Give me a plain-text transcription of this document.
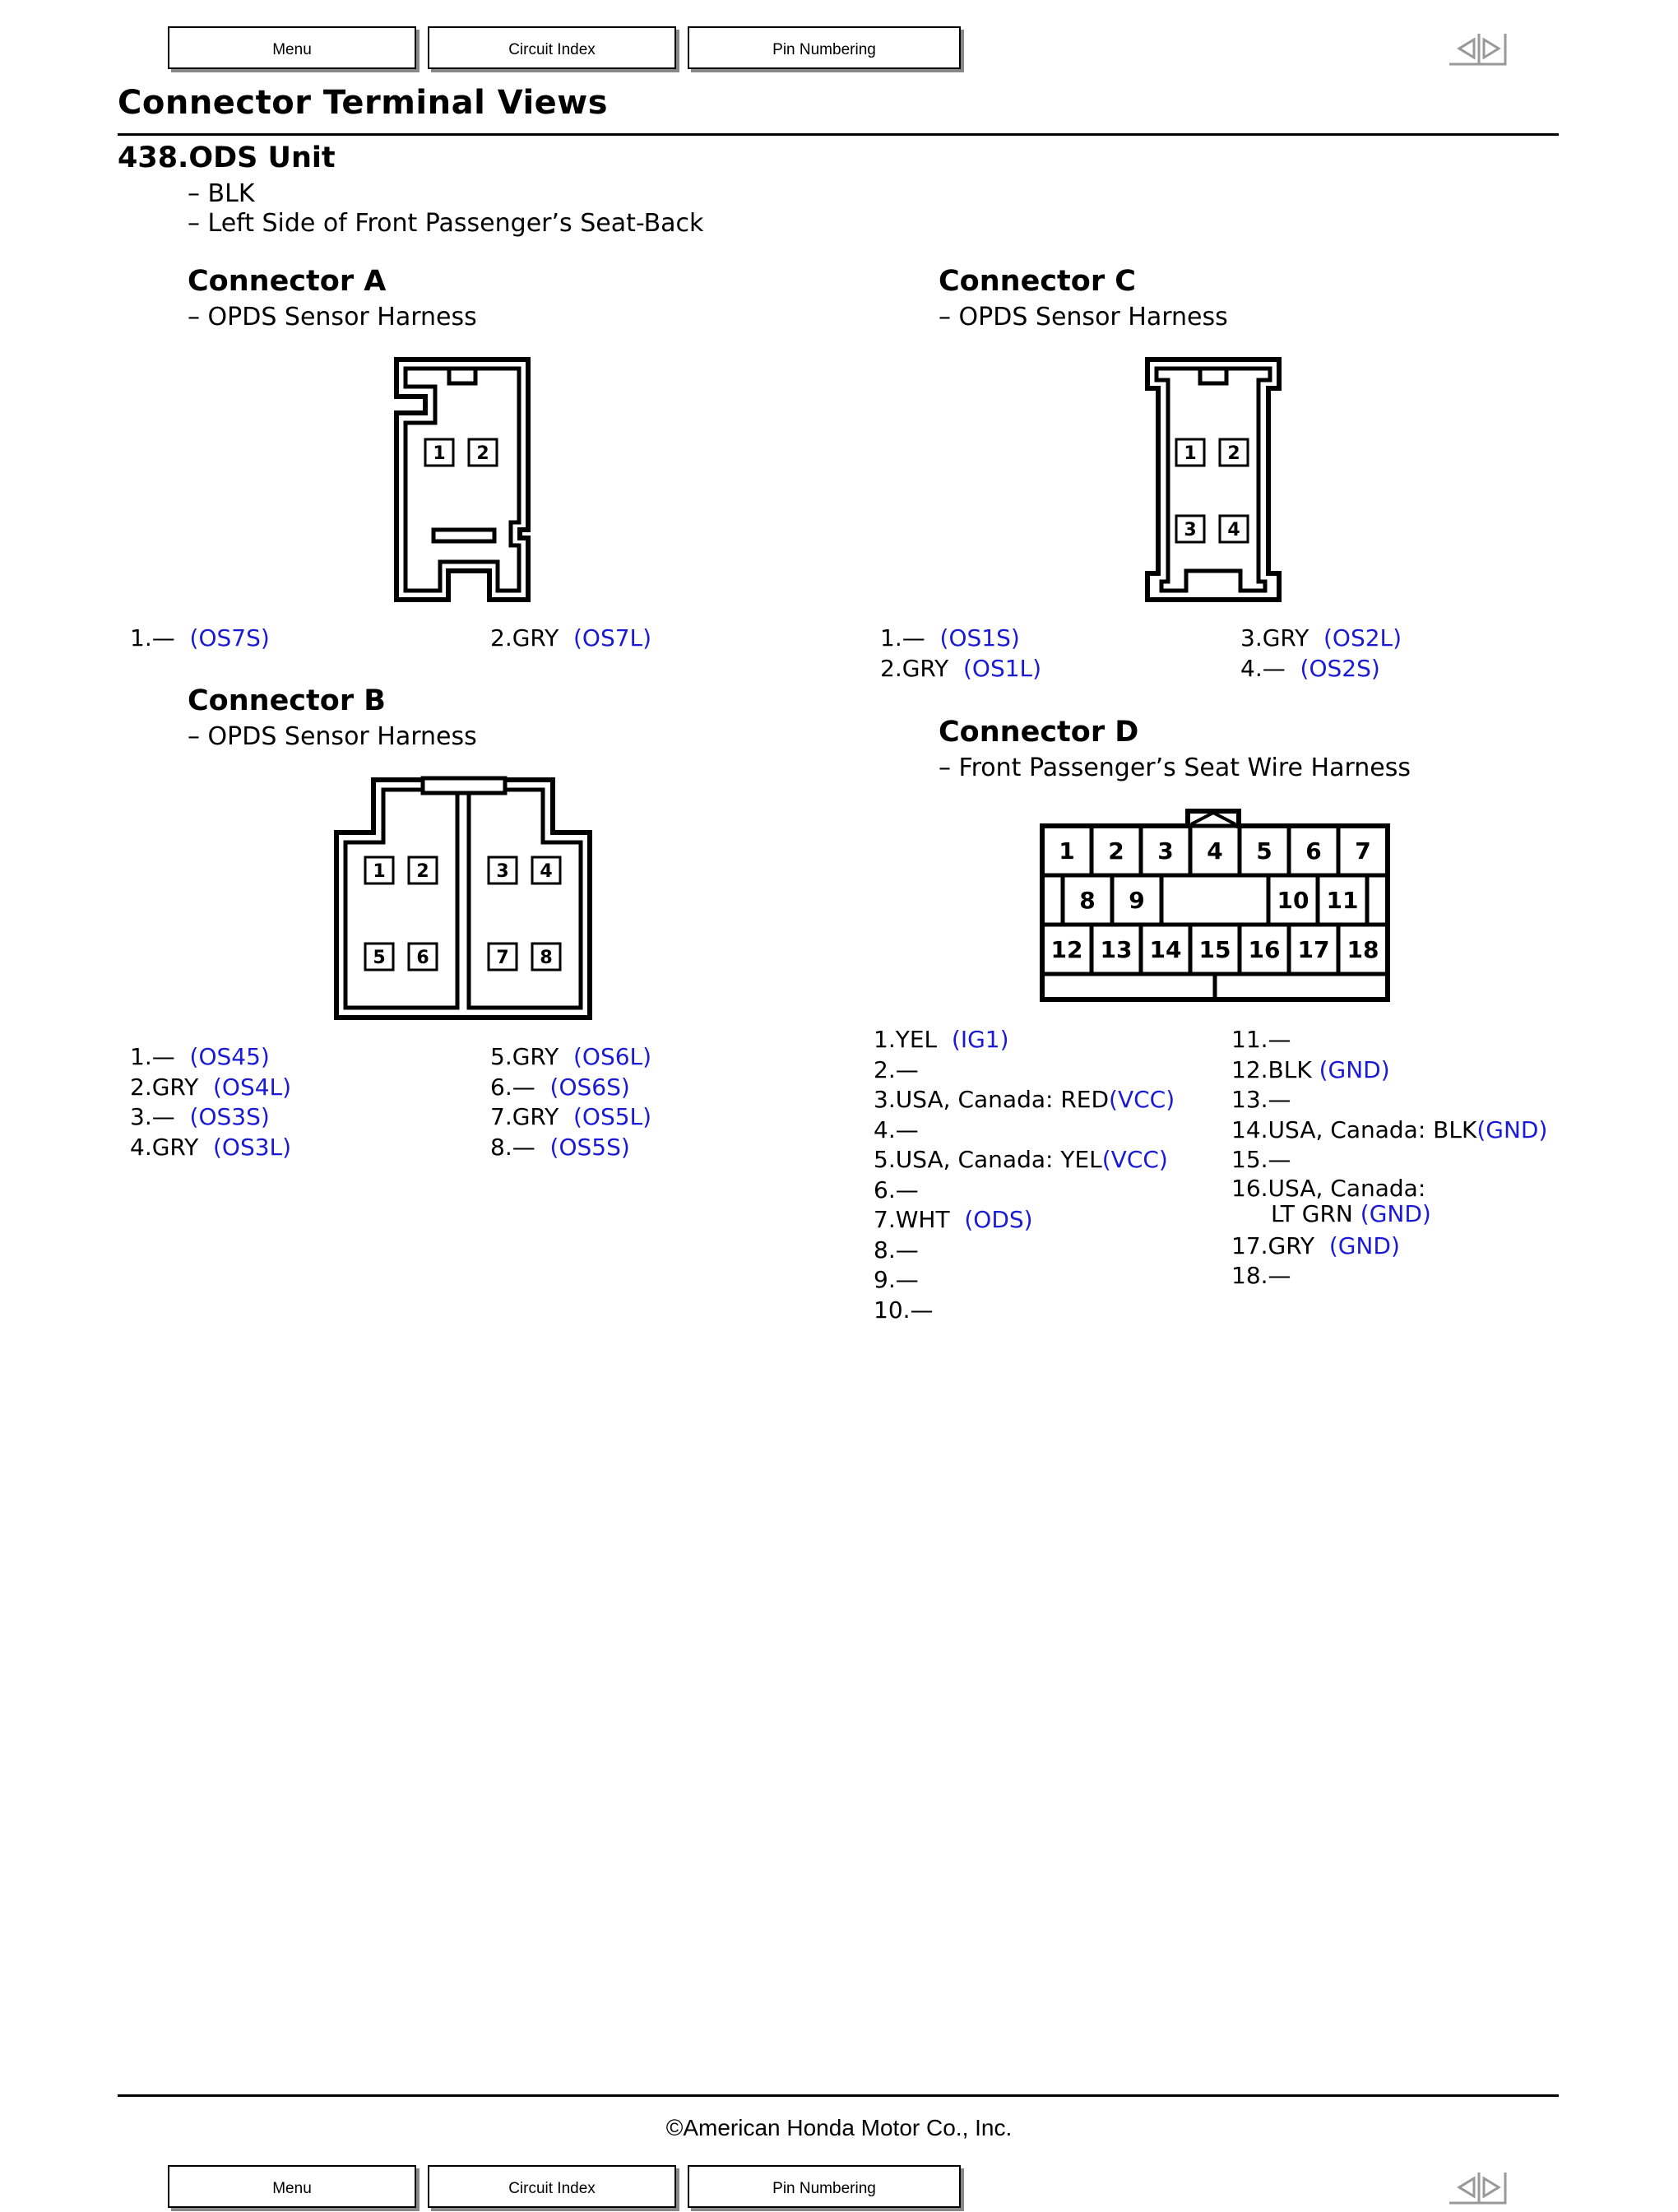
Menu	Circuit Index	Pin Numbering
Connector Terminal Views
438.ODS Unit
– BLK
– Left Side of Front Passenger’s Seat-Back
Connector A
– OPDS Sensor Harness
1 2
1.— (OS7S)	2.GRY (OS7L)
Connector B
– OPDS Sensor Harness
1 2	3 4
5 6	7 8
1.— (OS45)
2.GRY (OS4L)
3.— (OS3S)
4.GRY (OS3L)
5.GRY (OS6L)
6.— (OS6S)
7.GRY (OS5L)
8.— (OS5S)
Connector C
– OPDS Sensor Harness
1 2
3 4
1.— (OS1S)
2.GRY (OS1L)
3.GRY (OS2L)
4.— (OS2S)
Connector D
– Front Passenger’s Seat Wire Harness
1 2 3 4 5 6 7
8 9	10 11
12 13 14 15 16 17 18
1.YEL (IG1)
2.—
3.USA, Canada: RED(VCC)
4.—
5.USA, Canada: YEL(VCC)
6.—
7.WHT (ODS)
8.—
9.—
10.—
11.—
12.BLK (GND)
13.—
14.USA, Canada: BLK(GND)
15.—
16.USA, Canada:
LT GRN (GND)
17.GRY (GND)
18.—
©American Honda Motor Co., Inc.
Menu	Circuit Index	Pin Numbering
